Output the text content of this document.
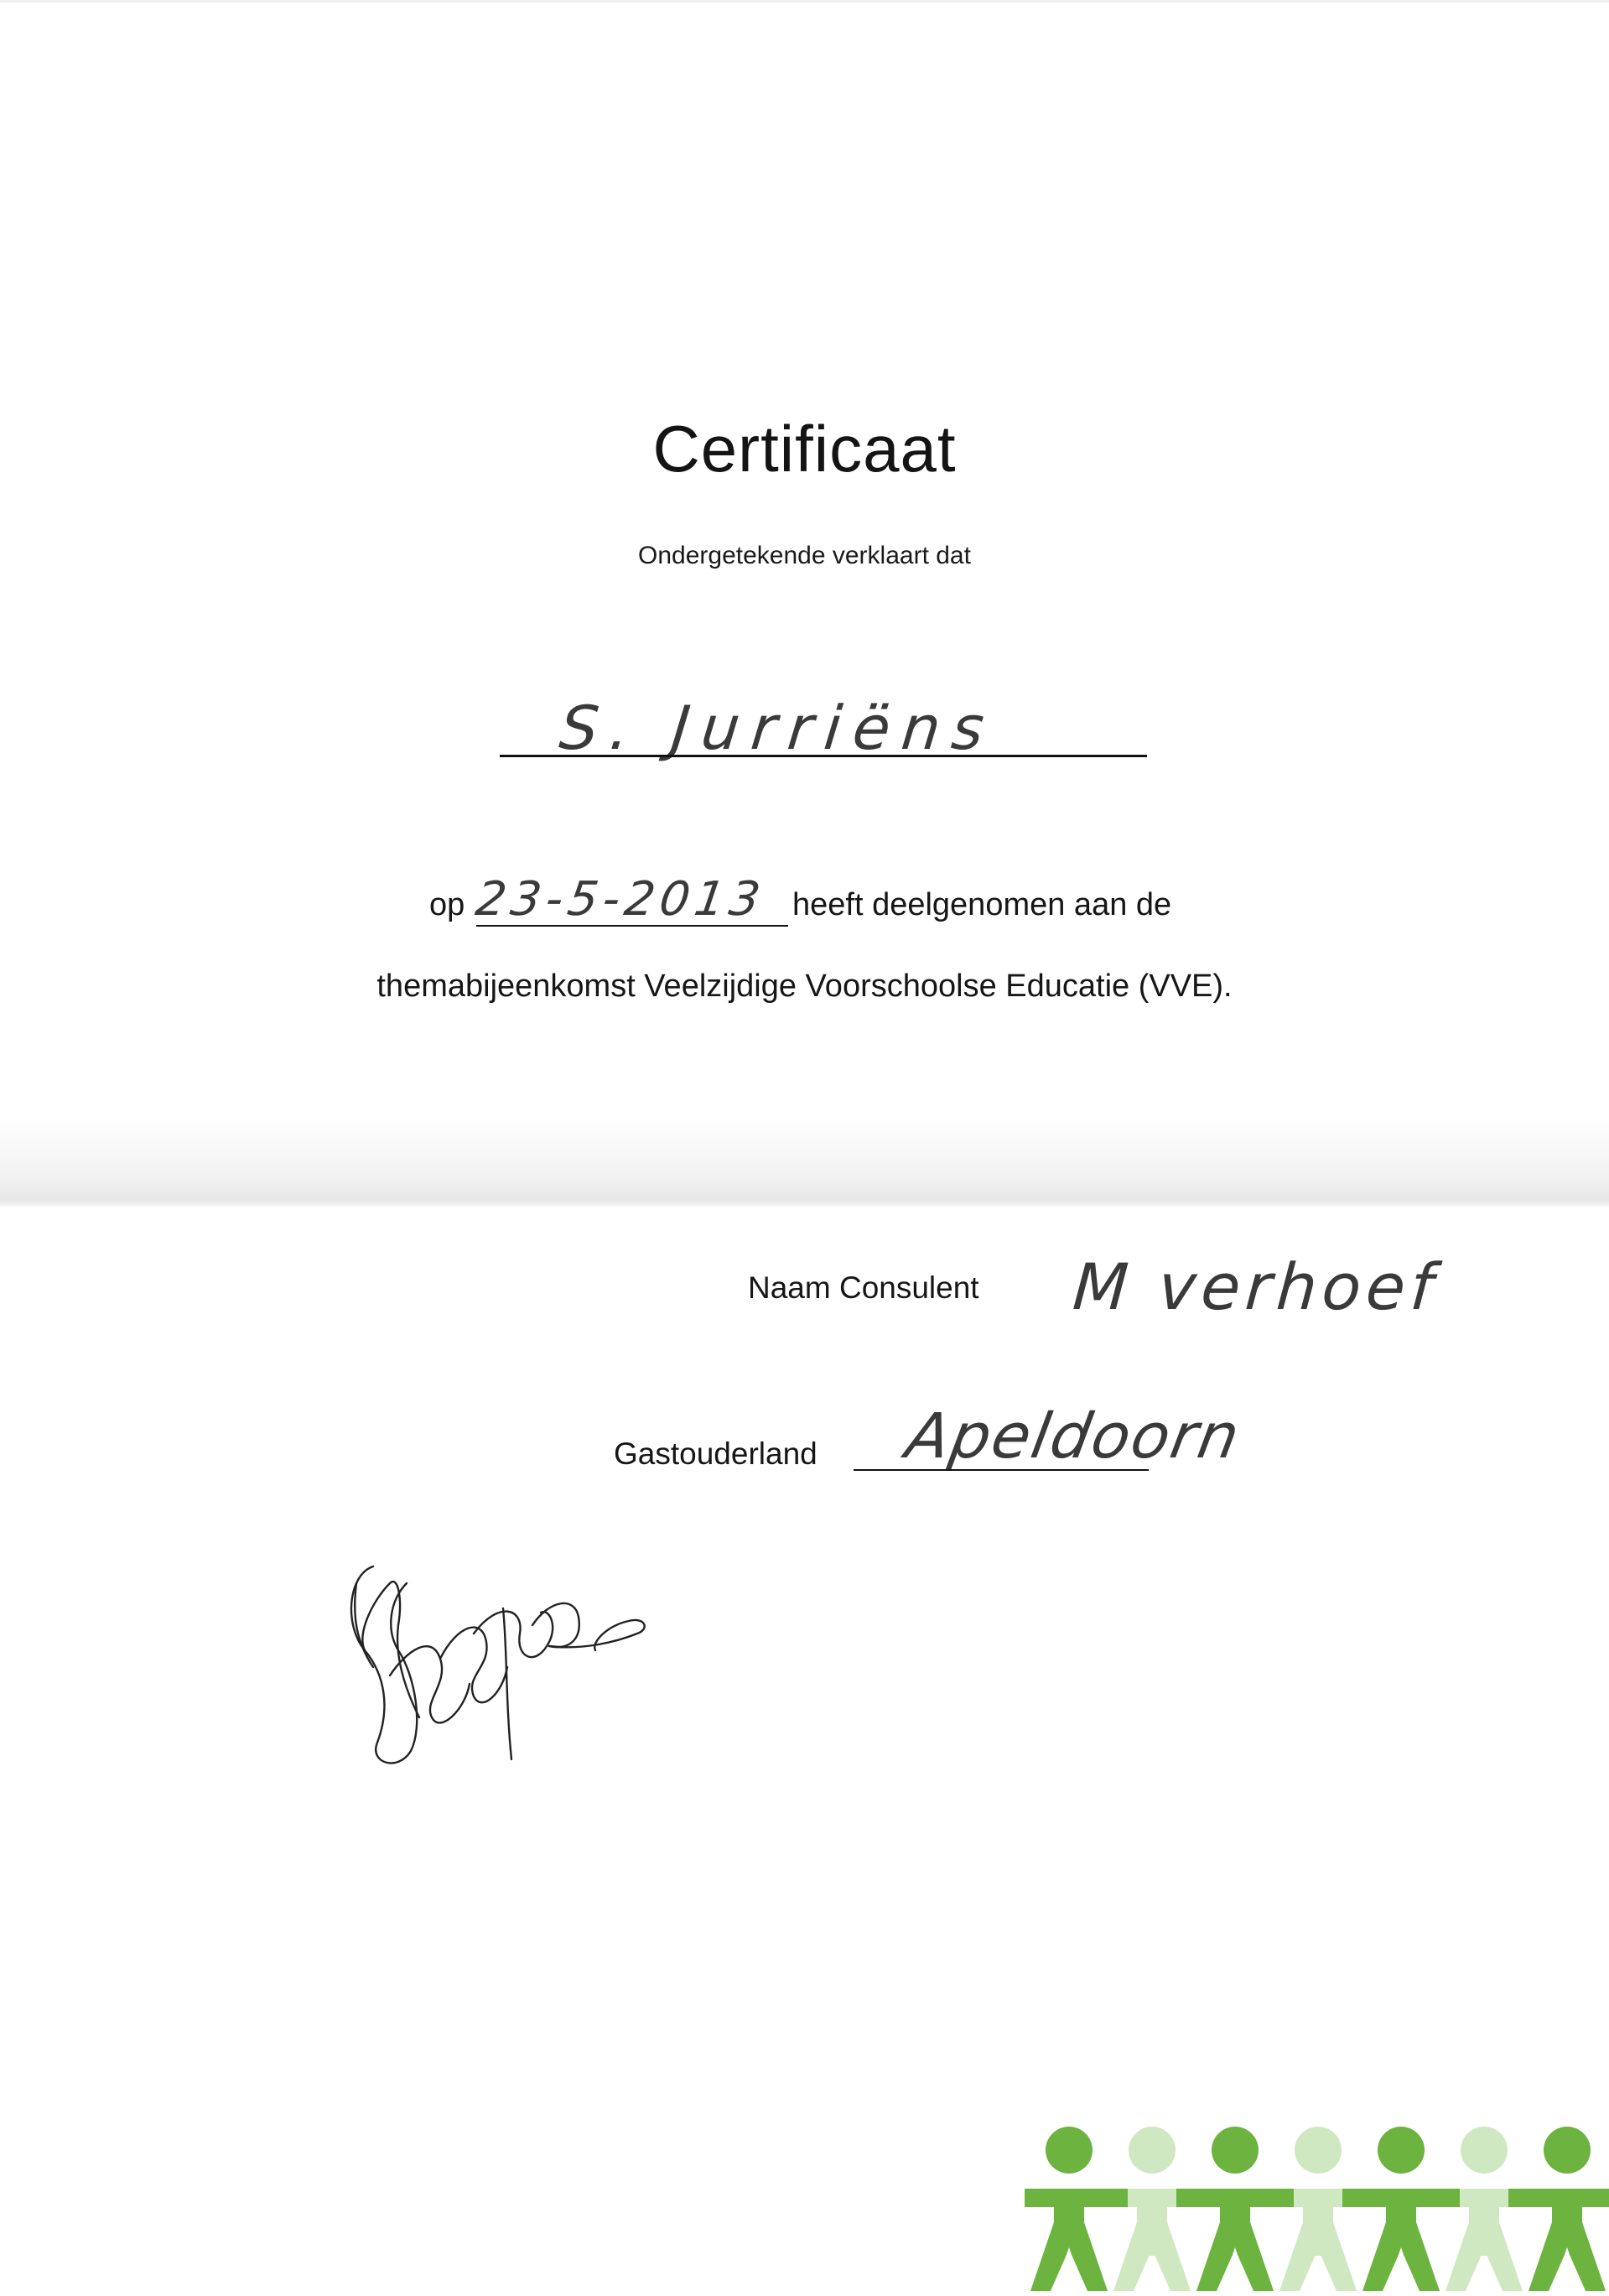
Certificaat
Ondergetekende verklaart dat
S. Jurriëns
op 23-5-2013 heeft deelgenomen aan de
themabijeenkomst Veelzijdige Voorschoolse Educatie (VVE).
Naam Consulent M verhoef
Gastouderland Apeldoorn
